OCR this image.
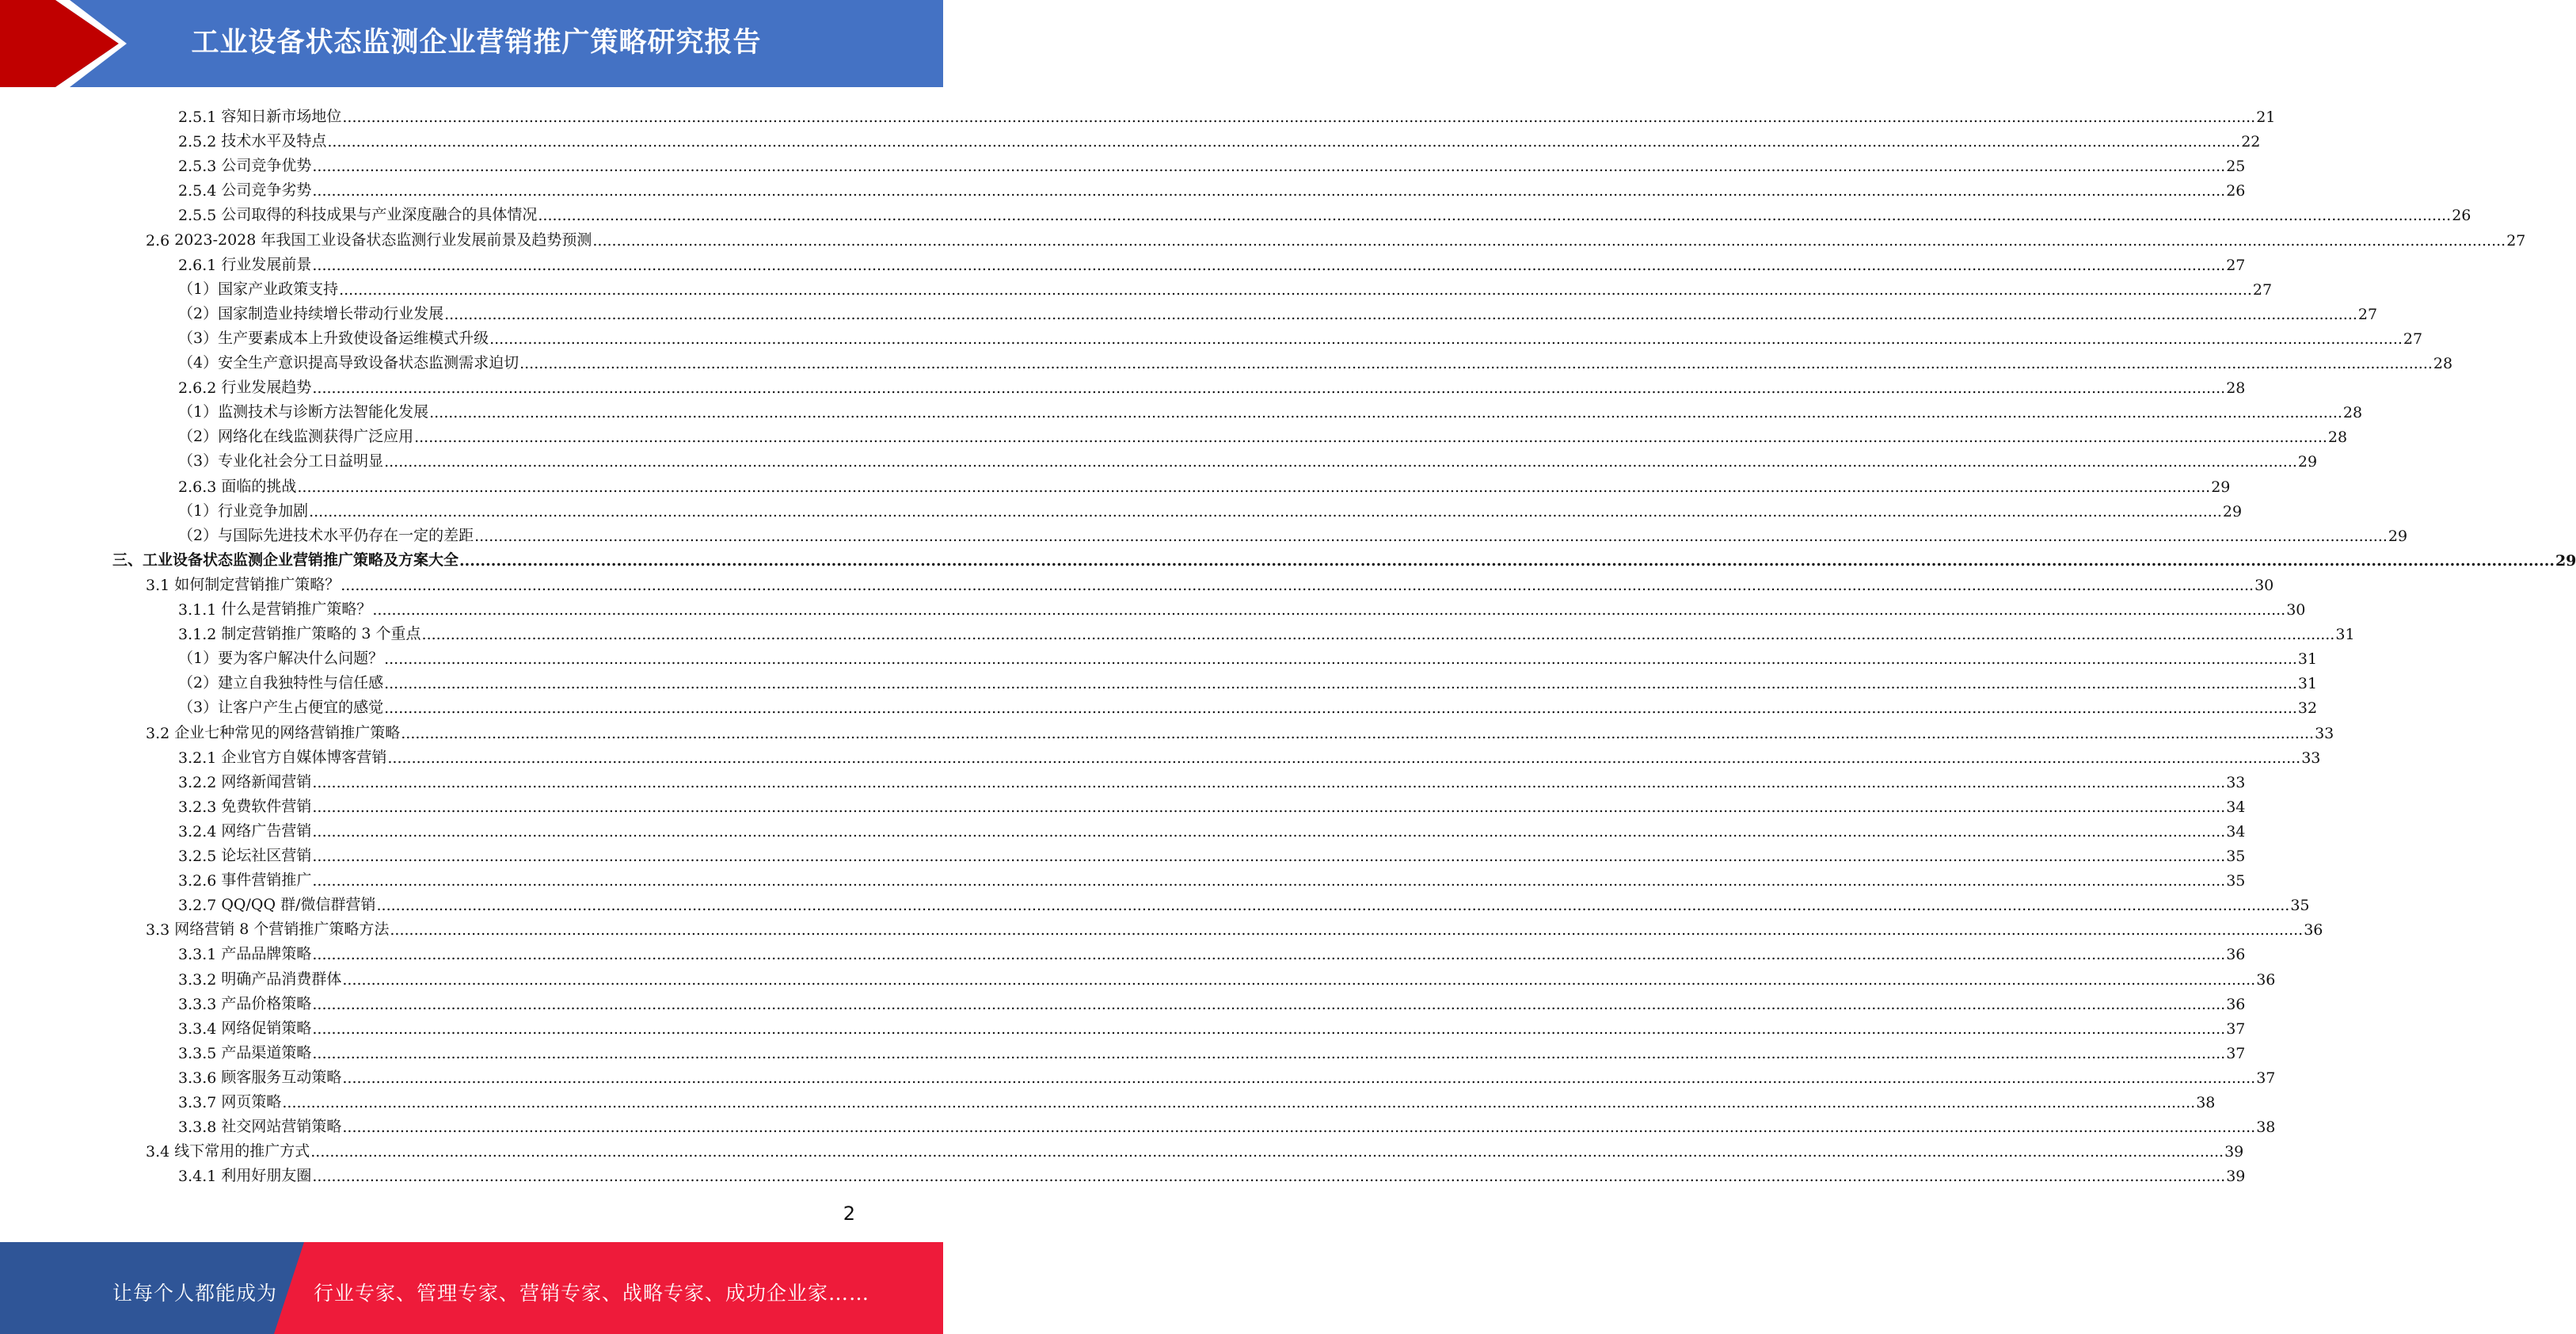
工业设备状态监测企业营销推广策略研究报告
2.5.1 容知日新市场地位 ................................................................................................................................................................................................................................................................................................................................................................................................................ 21
2.5.2 技术水平及特点 ................................................................................................................................................................................................................................................................................................................................................................................................................ 22
2.5.3 公司竞争优势 ................................................................................................................................................................................................................................................................................................................................................................................................................ 25
2.5.4 公司竞争劣势 ................................................................................................................................................................................................................................................................................................................................................................................................................ 26
2.5.5 公司取得的科技成果与产业深度融合的具体情况 ................................................................................................................................................................................................................................................................................................................................................................................................................ 26
2.6 2023-2028 年我国工业设备状态监测行业发展前景及趋势预测 ................................................................................................................................................................................................................................................................................................................................................................................................................ 27
2.6.1 行业发展前景 ................................................................................................................................................................................................................................................................................................................................................................................................................ 27
（1）国家产业政策支持 ................................................................................................................................................................................................................................................................................................................................................................................................................ 27
（2）国家制造业持续增长带动行业发展 ................................................................................................................................................................................................................................................................................................................................................................................................................ 27
（3）生产要素成本上升致使设备运维模式升级 ................................................................................................................................................................................................................................................................................................................................................................................................................ 27
（4）安全生产意识提高导致设备状态监测需求迫切 ................................................................................................................................................................................................................................................................................................................................................................................................................ 28
2.6.2 行业发展趋势 ................................................................................................................................................................................................................................................................................................................................................................................................................ 28
（1）监测技术与诊断方法智能化发展 ................................................................................................................................................................................................................................................................................................................................................................................................................ 28
（2）网络化在线监测获得广泛应用 ................................................................................................................................................................................................................................................................................................................................................................................................................ 28
（3）专业化社会分工日益明显 ................................................................................................................................................................................................................................................................................................................................................................................................................ 29
2.6.3 面临的挑战 ................................................................................................................................................................................................................................................................................................................................................................................................................ 29
（1）行业竞争加剧 ................................................................................................................................................................................................................................................................................................................................................................................................................ 29
（2）与国际先进技术水平仍存在一定的差距 ................................................................................................................................................................................................................................................................................................................................................................................................................ 29
三、 工业设备状态监测企业营销推广策略及方案大全 ................................................................................................................................................................................................................................................................................................................................................................................................................ 29
3.1 如何制定营销推广策略？ ................................................................................................................................................................................................................................................................................................................................................................................................................ 30
3.1.1 什么是营销推广策略？ ................................................................................................................................................................................................................................................................................................................................................................................................................ 30
3.1.2 制定营销推广策略的 3 个重点 ................................................................................................................................................................................................................................................................................................................................................................................................................ 31
（1）要为客户解决什么问题？ ................................................................................................................................................................................................................................................................................................................................................................................................................ 31
（2）建立自我独特性与信任感 ................................................................................................................................................................................................................................................................................................................................................................................................................ 31
（3）让客户产生占便宜的感觉 ................................................................................................................................................................................................................................................................................................................................................................................................................ 32
3.2 企业七种常见的网络营销推广策略 ................................................................................................................................................................................................................................................................................................................................................................................................................ 33
3.2.1 企业官方自媒体博客营销 ................................................................................................................................................................................................................................................................................................................................................................................................................ 33
3.2.2 网络新闻营销 ................................................................................................................................................................................................................................................................................................................................................................................................................ 33
3.2.3 免费软件营销 ................................................................................................................................................................................................................................................................................................................................................................................................................ 34
3.2.4 网络广告营销 ................................................................................................................................................................................................................................................................................................................................................................................................................ 34
3.2.5 论坛社区营销 ................................................................................................................................................................................................................................................................................................................................................................................................................ 35
3.2.6 事件营销推广 ................................................................................................................................................................................................................................................................................................................................................................................................................ 35
3.2.7 QQ/QQ 群/微信群营销 ................................................................................................................................................................................................................................................................................................................................................................................................................ 35
3.3 网络营销 8 个营销推广策略方法 ................................................................................................................................................................................................................................................................................................................................................................................................................ 36
3.3.1 产品品牌策略 ................................................................................................................................................................................................................................................................................................................................................................................................................ 36
3.3.2 明确产品消费群体 ................................................................................................................................................................................................................................................................................................................................................................................................................ 36
3.3.3 产品价格策略 ................................................................................................................................................................................................................................................................................................................................................................................................................ 36
3.3.4 网络促销策略 ................................................................................................................................................................................................................................................................................................................................................................................................................ 37
3.3.5 产品渠道策略 ................................................................................................................................................................................................................................................................................................................................................................................................................ 37
3.3.6 顾客服务互动策略 ................................................................................................................................................................................................................................................................................................................................................................................................................ 37
3.3.7 网页策略 ................................................................................................................................................................................................................................................................................................................................................................................................................ 38
3.3.8 社交网站营销策略 ................................................................................................................................................................................................................................................................................................................................................................................................................ 38
3.4 线下常用的推广方式 ................................................................................................................................................................................................................................................................................................................................................................................................................ 39
3.4.1 利用好朋友圈 ................................................................................................................................................................................................................................................................................................................................................................................................................ 39
2
让每个人都能成为 行业专家、管理专家、营销专家、战略专家、成功企业家……
